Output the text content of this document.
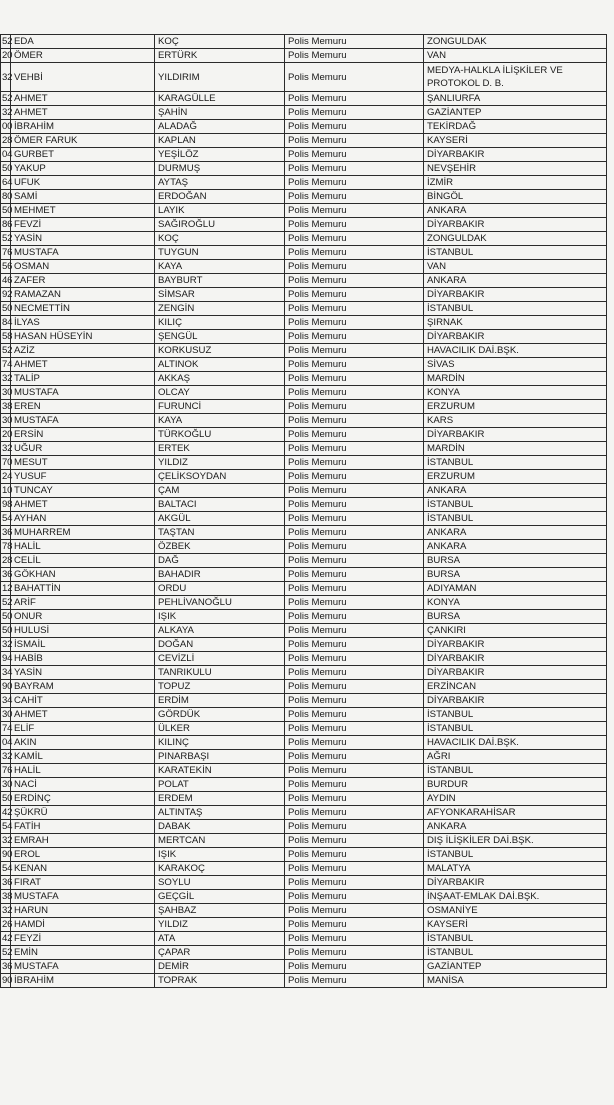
52	EDA	KOÇ	Polis Memuru	ZONGULDAK
20	ÖMER	ERTÜRK	Polis Memuru	VAN
32	VEHBİ	YILDIRIM	Polis Memuru	MEDYA-HALKLA İLİŞKİLER VE PROTOKOL D. B.
52	AHMET	KARAGÜLLE	Polis Memuru	ŞANLIURFA
32	AHMET	ŞAHİN	Polis Memuru	GAZİANTEP
00	İBRAHİM	ALADAĞ	Polis Memuru	TEKİRDAĞ
28	ÖMER FARUK	KAPLAN	Polis Memuru	KAYSERİ
04	GURBET	YEŞİLÖZ	Polis Memuru	DİYARBAKIR
50	YAKUP	DURMUŞ	Polis Memuru	NEVŞEHİR
64	UFUK	AYTAŞ	Polis Memuru	İZMİR
80	SAMİ	ERDOĞAN	Polis Memuru	BİNGÖL
50	MEHMET	LAYIK	Polis Memuru	ANKARA
86	FEVZİ	SAĞIROĞLU	Polis Memuru	DİYARBAKIR
52	YASİN	KOÇ	Polis Memuru	ZONGULDAK
76	MUSTAFA	TUYGUN	Polis Memuru	İSTANBUL
56	OSMAN	KAYA	Polis Memuru	VAN
46	ZAFER	BAYBURT	Polis Memuru	ANKARA
92	RAMAZAN	SİMSAR	Polis Memuru	DİYARBAKIR
50	NECMETTİN	ZENGİN	Polis Memuru	İSTANBUL
84	İLYAS	KILIÇ	Polis Memuru	ŞIRNAK
58	HASAN HÜSEYİN	ŞENGÜL	Polis Memuru	DİYARBAKIR
52	AZİZ	KORKUSUZ	Polis Memuru	HAVACILIK DAİ.BŞK.
74	AHMET	ALTINOK	Polis Memuru	SİVAS
32	TALİP	AKKAŞ	Polis Memuru	MARDİN
30	MUSTAFA	OLCAY	Polis Memuru	KONYA
38	EREN	FURUNCİ	Polis Memuru	ERZURUM
30	MUSTAFA	KAYA	Polis Memuru	KARS
20	ERSİN	TÜRKOĞLU	Polis Memuru	DİYARBAKIR
32	UĞUR	ERTEK	Polis Memuru	MARDİN
70	MESUT	YILDIZ	Polis Memuru	İSTANBUL
24	YUSUF	ÇELİKSOYDAN	Polis Memuru	ERZURUM
10	TUNCAY	ÇAM	Polis Memuru	ANKARA
98	AHMET	BALTACI	Polis Memuru	İSTANBUL
54	AYHAN	AKGÜL	Polis Memuru	İSTANBUL
36	MUHARREM	TAŞTAN	Polis Memuru	ANKARA
78	HALİL	ÖZBEK	Polis Memuru	ANKARA
28	CELİL	DAĞ	Polis Memuru	BURSA
36	GÖKHAN	BAHADIR	Polis Memuru	BURSA
12	BAHATTİN	ORDU	Polis Memuru	ADIYAMAN
52	ARİF	PEHLİVANOĞLU	Polis Memuru	KONYA
50	ONUR	IŞIK	Polis Memuru	BURSA
50	HULUSİ	ALKAYA	Polis Memuru	ÇANKIRI
32	İSMAİL	DOĞAN	Polis Memuru	DİYARBAKIR
94	HABİB	CEVİZLİ	Polis Memuru	DİYARBAKIR
34	YASİN	TANRIKULU	Polis Memuru	DİYARBAKIR
90	BAYRAM	TOPUZ	Polis Memuru	ERZİNCAN
34	CAHİT	ERDİM	Polis Memuru	DİYARBAKIR
30	AHMET	GÖRDÜK	Polis Memuru	İSTANBUL
74	ELİF	ÜLKER	Polis Memuru	İSTANBUL
04	AKIN	KILINÇ	Polis Memuru	HAVACILIK DAİ.BŞK.
32	KAMİL	PINARBAŞI	Polis Memuru	AĞRI
76	HALİL	KARATEKİN	Polis Memuru	İSTANBUL
30	NACİ	POLAT	Polis Memuru	BURDUR
50	ERDİNÇ	ERDEM	Polis Memuru	AYDIN
42	ŞÜKRÜ	ALTINTAŞ	Polis Memuru	AFYONKARAHİSAR
54	FATİH	DABAK	Polis Memuru	ANKARA
32	EMRAH	MERTCAN	Polis Memuru	DIŞ İLİŞKİLER DAİ.BŞK.
90	EROL	IŞIK	Polis Memuru	İSTANBUL
54	KENAN	KARAKOÇ	Polis Memuru	MALATYA
36	FIRAT	SOYLU	Polis Memuru	DİYARBAKIR
38	MUSTAFA	GEÇGİL	Polis Memuru	İNŞAAT-EMLAK DAİ.BŞK.
32	HARUN	ŞAHBAZ	Polis Memuru	OSMANİYE
26	HAMDİ	YILDIZ	Polis Memuru	KAYSERİ
42	FEYZİ	ATA	Polis Memuru	İSTANBUL
52	EMİN	ÇAPAR	Polis Memuru	İSTANBUL
36	MUSTAFA	DEMİR	Polis Memuru	GAZİANTEP
90	İBRAHİM	TOPRAK	Polis Memuru	MANİSA
